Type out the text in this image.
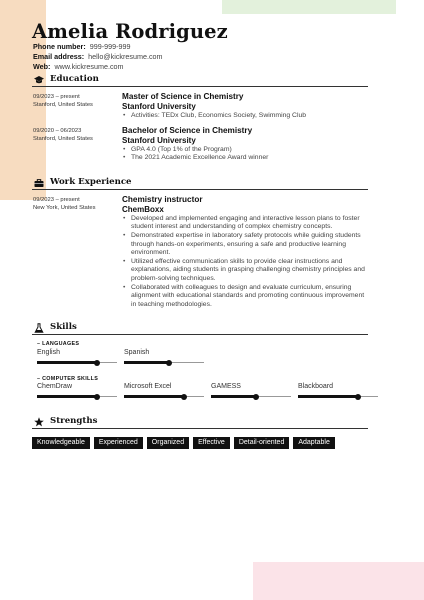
Amelia Rodriguez
Phone number: 999-999-999
Email address: hello@kickresume.com
Web: www.kickresume.com
Education
09/2023 – present
Stanford, United States
Master of Science in Chemistry
Stanford University
• Activities: TEDx Club, Economics Society, Swimming Club
09/2020 – 06/2023
Stanford, United States
Bachelor of Science in Chemistry
Stanford University
• GPA 4.0 (Top 1% of the Program)
• The 2021 Academic Excellence Award winner
Work Experience
09/2023 – present
New York, United States
Chemistry instructor
ChemBoxx
• Developed and implemented engaging and interactive lesson plans to foster student interest and understanding of complex chemistry concepts.
• Demonstrated expertise in laboratory safety protocols while guiding students through hands-on experiments, ensuring a safe and productive learning environment.
• Utilized effective communication skills to provide clear instructions and explanations, aiding students in grasping challenging chemistry principles and problem-solving techniques.
• Collaborated with colleagues to design and evaluate curriculum, ensuring alignment with educational standards and promoting continuous improvement in teaching methodologies.
Skills
– LANGUAGES
English	Spanish
– COMPUTER SKILLS
ChemDraw	Microsoft Excel	GAMESS	Blackboard
Strengths
Knowledgeable	Experienced	Organized	Effective	Detail-oriented	Adaptable
